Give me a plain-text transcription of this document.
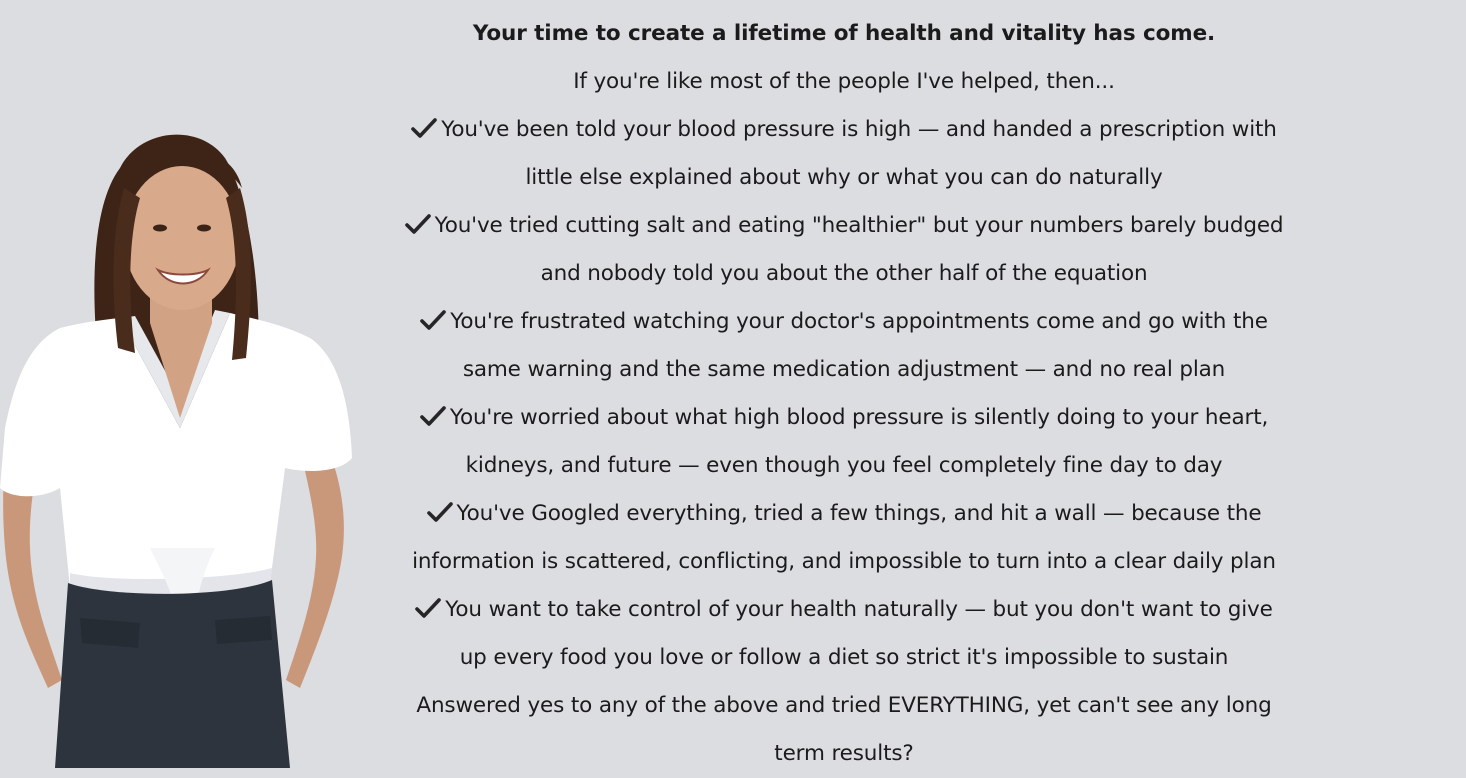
Your time to create a lifetime of health and vitality has come.
If you're like most of the people I've helped, then...
You've been told your blood pressure is high — and handed a prescription with
little else explained about why or what you can do naturally
You've tried cutting salt and eating "healthier" but your numbers barely budged
and nobody told you about the other half of the equation
You're frustrated watching your doctor's appointments come and go with the
same warning and the same medication adjustment — and no real plan
You're worried about what high blood pressure is silently doing to your heart,
kidneys, and future — even though you feel completely fine day to day
You've Googled everything, tried a few things, and hit a wall — because the
information is scattered, conflicting, and impossible to turn into a clear daily plan
You want to take control of your health naturally — but you don't want to give
up every food you love or follow a diet so strict it's impossible to sustain
Answered yes to any of the above and tried EVERYTHING, yet can't see any long
term results?
